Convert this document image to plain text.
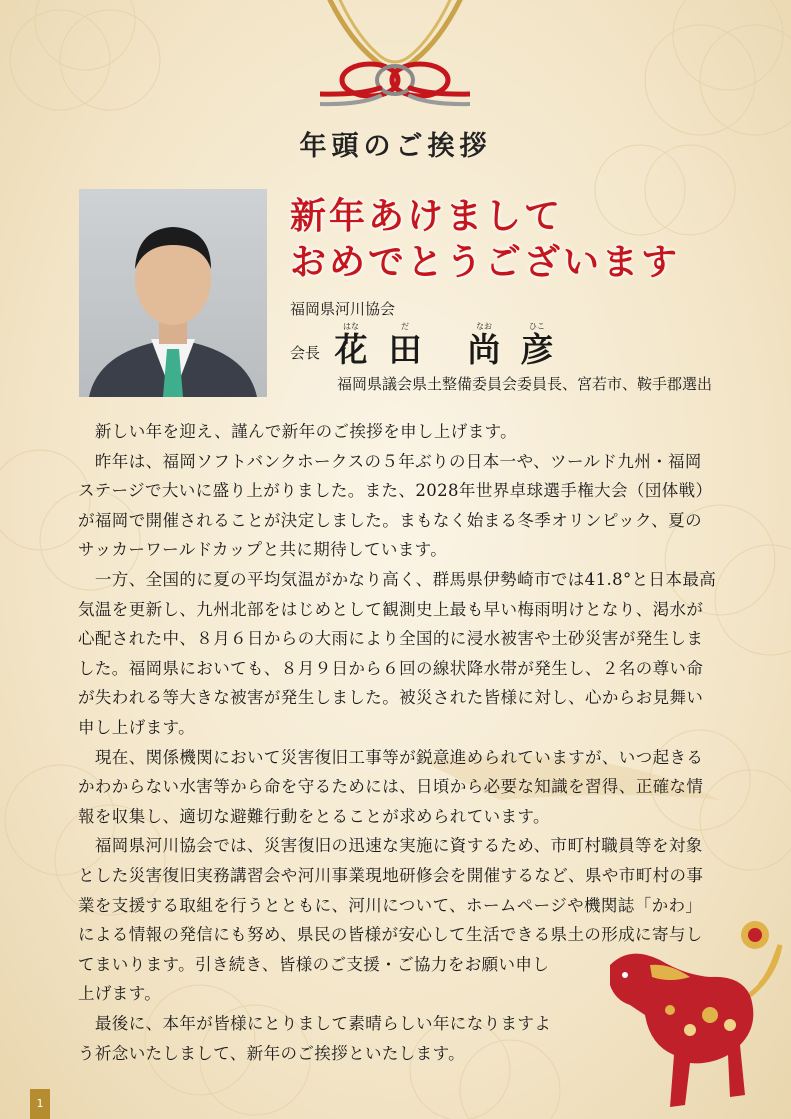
年頭のご挨拶
新年あけまして
おめでとうございます
福岡県河川協会
会長
はな
花
だ
田
なお
尚
ひこ
彦
福岡県議会県土整備委員会委員長、宮若市、鞍手郡選出
　新しい年を迎え、謹んで新年のご挨拶を申し上げます。
　昨年は、福岡ソフトバンクホークスの５年ぶりの日本一や、ツールド九州・福岡
ステージで大いに盛り上がりました。また、2028年世界卓球選手権大会（団体戦）
が福岡で開催されることが決定しました。まもなく始まる冬季オリンピック、夏の
サッカーワールドカップと共に期待しています。
　一方、全国的に夏の平均気温がかなり高く、群馬県伊勢崎市では41.8°と日本最高
気温を更新し、九州北部をはじめとして観測史上最も早い梅雨明けとなり、渇水が
心配された中、８月６日からの大雨により全国的に浸水被害や土砂災害が発生しま
した。福岡県においても、８月９日から６回の線状降水帯が発生し、２名の尊い命
が失われる等大きな被害が発生しました。被災された皆様に対し、心からお見舞い
申し上げます。
　現在、関係機関において災害復旧工事等が鋭意進められていますが、いつ起きる
かわからない水害等から命を守るためには、日頃から必要な知識を習得、正確な情
報を収集し、適切な避難行動をとることが求められています。
　福岡県河川協会では、災害復旧の迅速な実施に資するため、市町村職員等を対象
とした災害復旧実務講習会や河川事業現地研修会を開催するなど、県や市町村の事
業を支援する取組を行うとともに、河川について、ホームページや機関誌「かわ」
による情報の発信にも努め、県民の皆様が安心して生活できる県土の形成に寄与し
てまいります。引き続き、皆様のご支援・ご協力をお願い申し
上げます。
　最後に、本年が皆様にとりまして素晴らしい年になりますよ
う祈念いたしまして、新年のご挨拶といたします。
1
